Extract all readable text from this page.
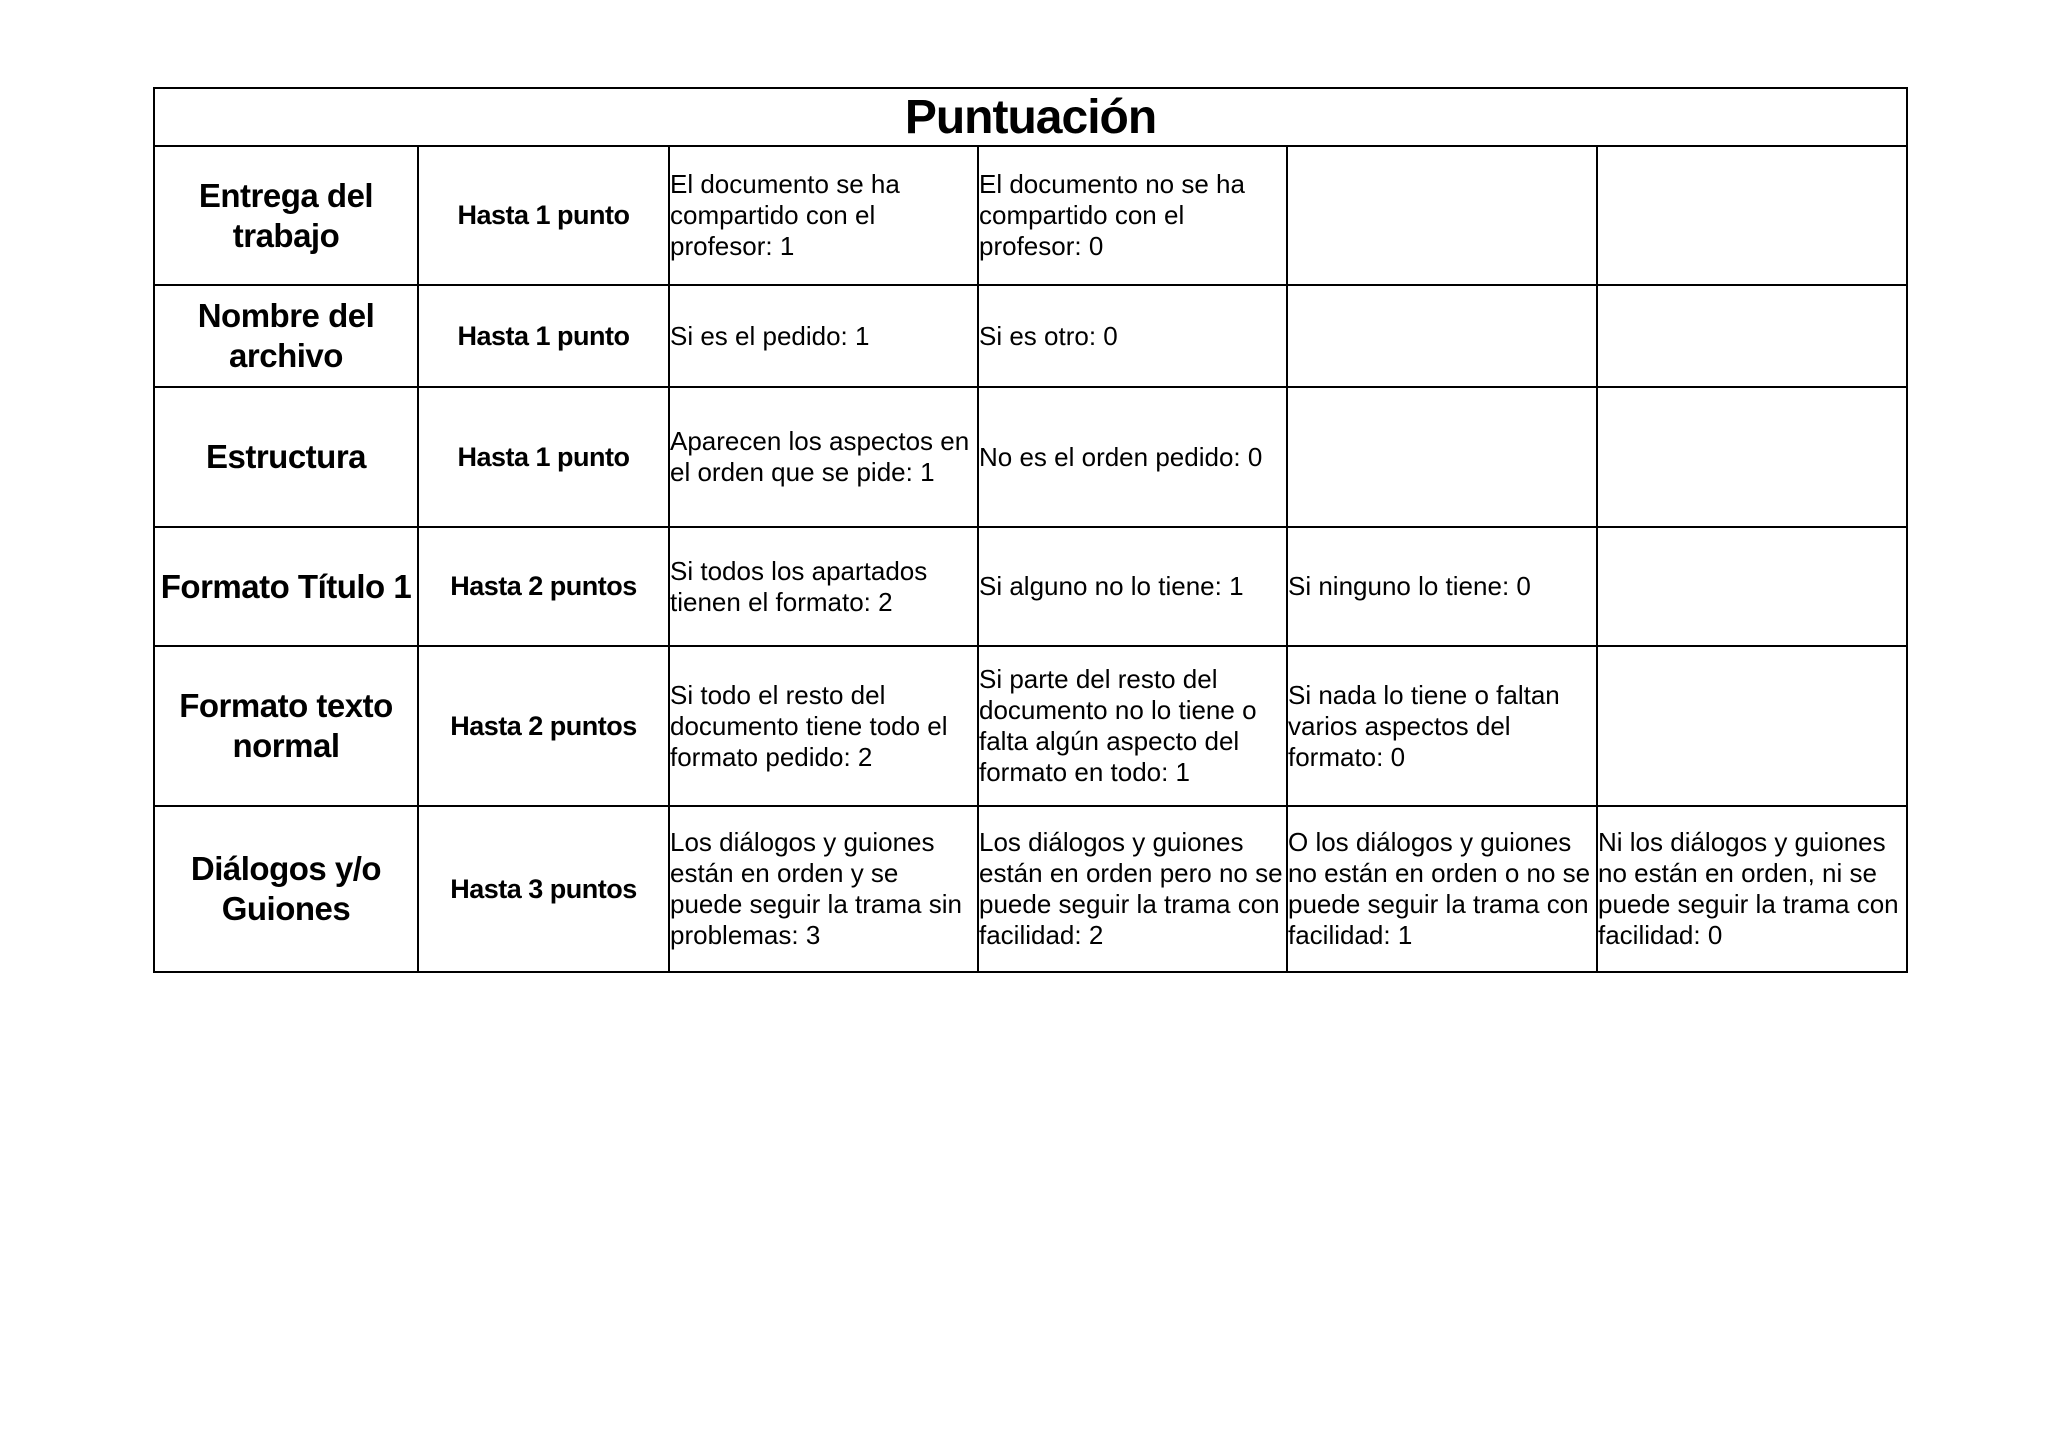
Puntuación					
Entrega del trabajo	Hasta 1 punto	El documento se ha compartido con el profesor: 1	El documento no se ha compartido con el profesor: 0		
Nombre del archivo	Hasta 1 punto	Si es el pedido: 1	Si es otro: 0		
Estructura	Hasta 1 punto	Aparecen los aspectos en el orden que se pide: 1	No es el orden pedido: 0		
Formato Título 1	Hasta 2 puntos	Si todos los apartados tienen el formato: 2	Si alguno no lo tiene: 1	Si ninguno lo tiene: 0	
Formato texto normal	Hasta 2 puntos	Si todo el resto del documento tiene todo el formato pedido: 2	Si parte del resto del documento no lo tiene o falta algún aspecto del formato en todo: 1	Si nada lo tiene o faltan varios aspectos del formato: 0	
Diálogos y/o Guiones	Hasta 3 puntos	Los diálogos y guiones están en orden y se puede seguir la trama sin problemas: 3	Los diálogos y guiones están en orden pero no se puede seguir la trama con facilidad: 2	O los diálogos y guiones no están en orden o no se puede seguir la trama con facilidad: 1	Ni los diálogos y guiones no están en orden, ni se puede seguir la trama con facilidad: 0
